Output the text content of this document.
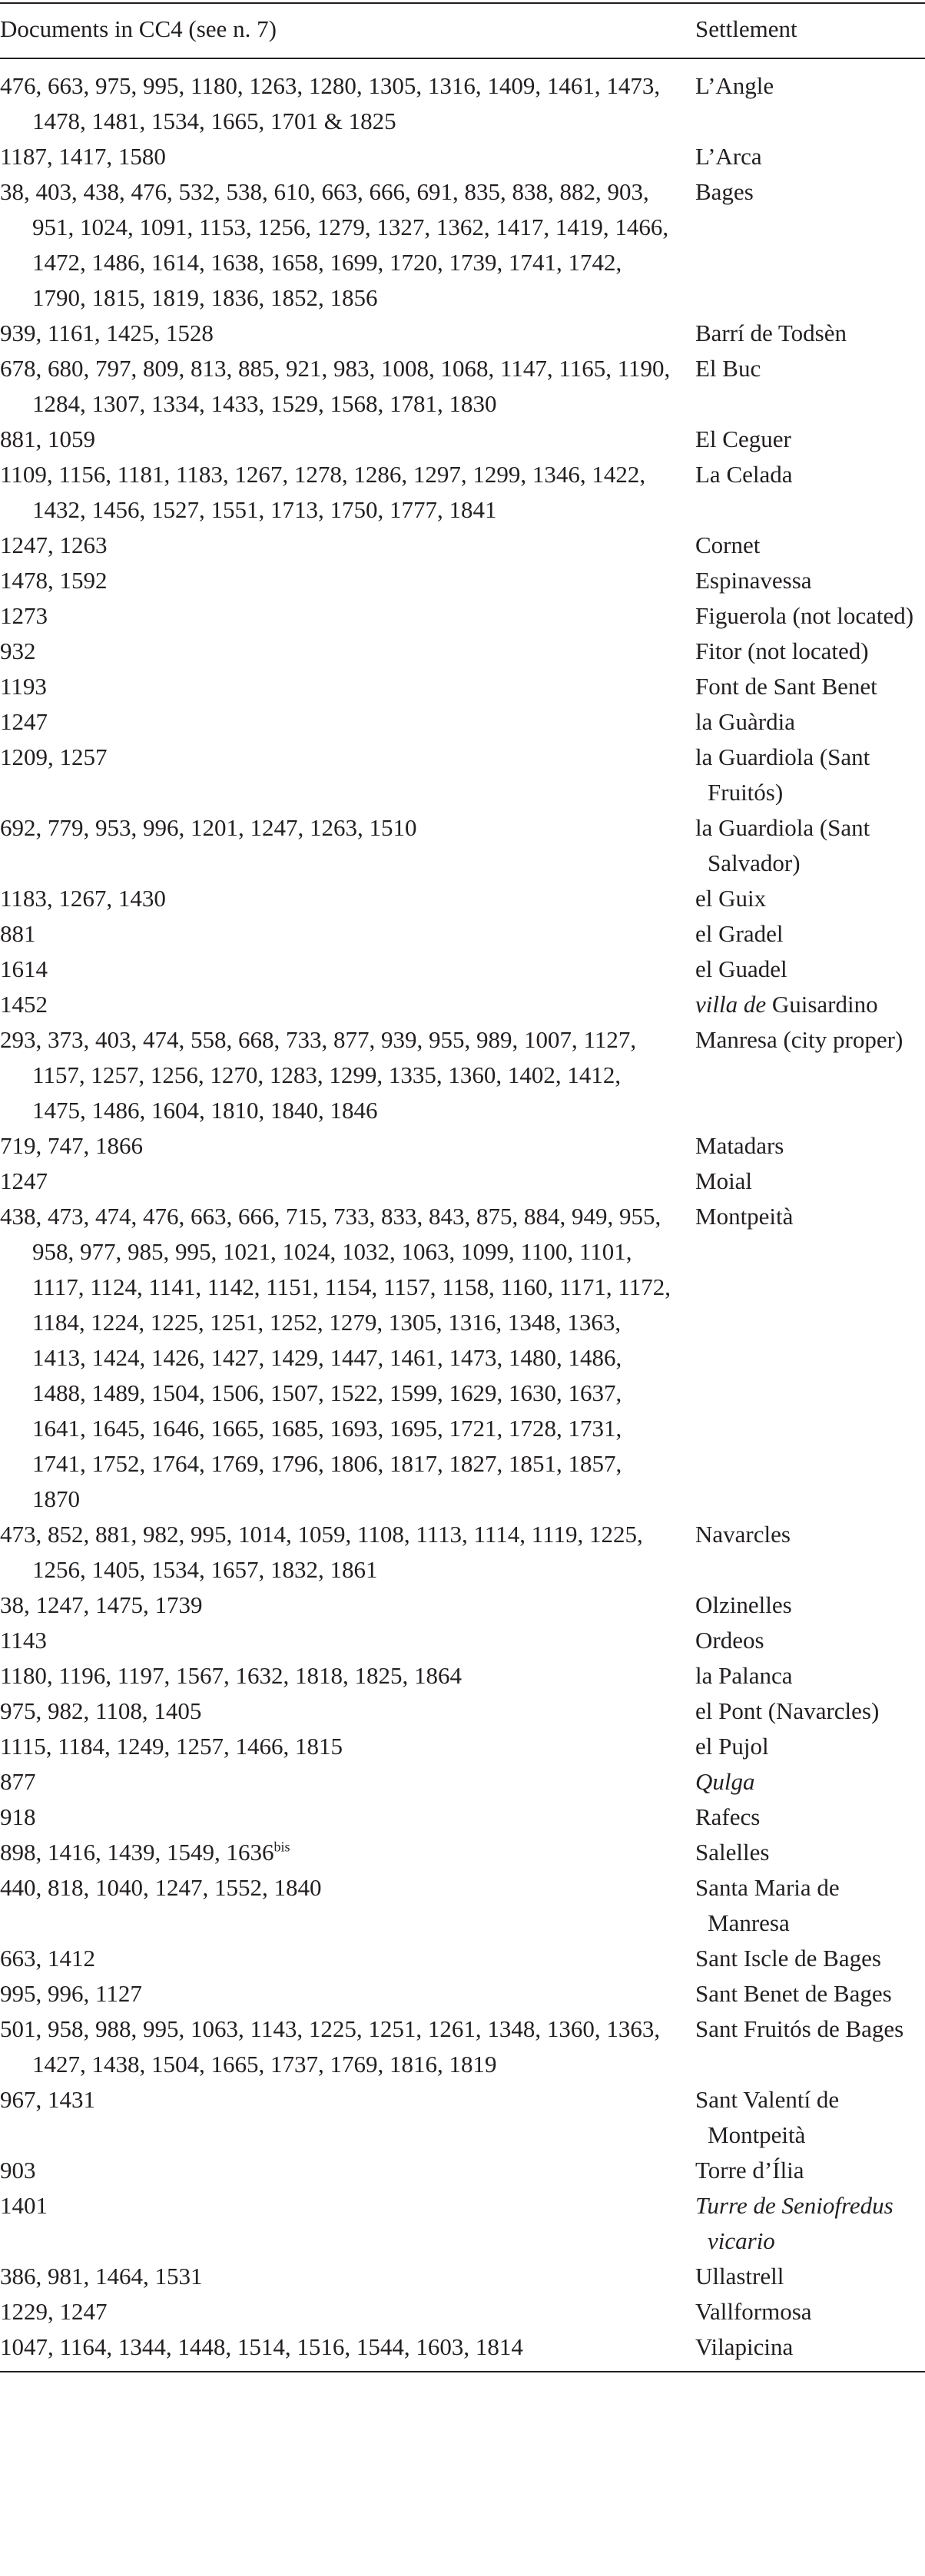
Documents in CC4 (see n. 7)	Settlement
476, 663, 975, 995, 1180, 1263, 1280, 1305, 1316, 1409, 1461, 1473, 1478, 1481, 1534, 1665, 1701 & 1825	L’Angle
1187, 1417, 1580	L’Arca
38, 403, 438, 476, 532, 538, 610, 663, 666, 691, 835, 838, 882, 903, 951, 1024, 1091, 1153, 1256, 1279, 1327, 1362, 1417, 1419, 1466, 1472, 1486, 1614, 1638, 1658, 1699, 1720, 1739, 1741, 1742, 1790, 1815, 1819, 1836, 1852, 1856	Bages
939, 1161, 1425, 1528	Barrí de Todsèn
678, 680, 797, 809, 813, 885, 921, 983, 1008, 1068, 1147, 1165, 1190, 1284, 1307, 1334, 1433, 1529, 1568, 1781, 1830	El Buc
881, 1059	El Ceguer
1109, 1156, 1181, 1183, 1267, 1278, 1286, 1297, 1299, 1346, 1422, 1432, 1456, 1527, 1551, 1713, 1750, 1777, 1841	La Celada
1247, 1263	Cornet
1478, 1592	Espinavessa
1273	Figuerola (not located)
932	Fitor (not located)
1193	Font de Sant Benet
1247	la Guàrdia
1209, 1257	la Guardiola (Sant Fruitós)
692, 779, 953, 996, 1201, 1247, 1263, 1510	la Guardiola (Sant Salvador)
1183, 1267, 1430	el Guix
881	el Gradel
1614	el Guadel
1452	villa de Guisardino
293, 373, 403, 474, 558, 668, 733, 877, 939, 955, 989, 1007, 1127, 1157, 1257, 1256, 1270, 1283, 1299, 1335, 1360, 1402, 1412, 1475, 1486, 1604, 1810, 1840, 1846	Manresa (city proper)
719, 747, 1866	Matadars
1247	Moial
438, 473, 474, 476, 663, 666, 715, 733, 833, 843, 875, 884, 949, 955, 958, 977, 985, 995, 1021, 1024, 1032, 1063, 1099, 1100, 1101, 1117, 1124, 1141, 1142, 1151, 1154, 1157, 1158, 1160, 1171, 1172, 1184, 1224, 1225, 1251, 1252, 1279, 1305, 1316, 1348, 1363, 1413, 1424, 1426, 1427, 1429, 1447, 1461, 1473, 1480, 1486, 1488, 1489, 1504, 1506, 1507, 1522, 1599, 1629, 1630, 1637, 1641, 1645, 1646, 1665, 1685, 1693, 1695, 1721, 1728, 1731, 1741, 1752, 1764, 1769, 1796, 1806, 1817, 1827, 1851, 1857, 1870	Montpeità
473, 852, 881, 982, 995, 1014, 1059, 1108, 1113, 1114, 1119, 1225, 1256, 1405, 1534, 1657, 1832, 1861	Navarcles
38, 1247, 1475, 1739	Olzinelles
1143	Ordeos
1180, 1196, 1197, 1567, 1632, 1818, 1825, 1864	la Palanca
975, 982, 1108, 1405	el Pont (Navarcles)
1115, 1184, 1249, 1257, 1466, 1815	el Pujol
877	Qulga
918	Rafecs
898, 1416, 1439, 1549, $1636^{bis}$	Salelles
440, 818, 1040, 1247, 1552, 1840	Santa Maria de Manresa
663, 1412	Sant Iscle de Bages
995, 996, 1127	Sant Benet de Bages
501, 958, 988, 995, 1063, 1143, 1225, 1251, 1261, 1348, 1360, 1363, 1427, 1438, 1504, 1665, 1737, 1769, 1816, 1819	Sant Fruitós de Bages
967, 1431	Sant Valentí de Montpeità
903	Torre d’Ília
1401	Turre de Seniofredus vicario
386, 981, 1464, 1531	Ullastrell
1229, 1247	Vallformosa
1047, 1164, 1344, 1448, 1514, 1516, 1544, 1603, 1814	Vilapicina
